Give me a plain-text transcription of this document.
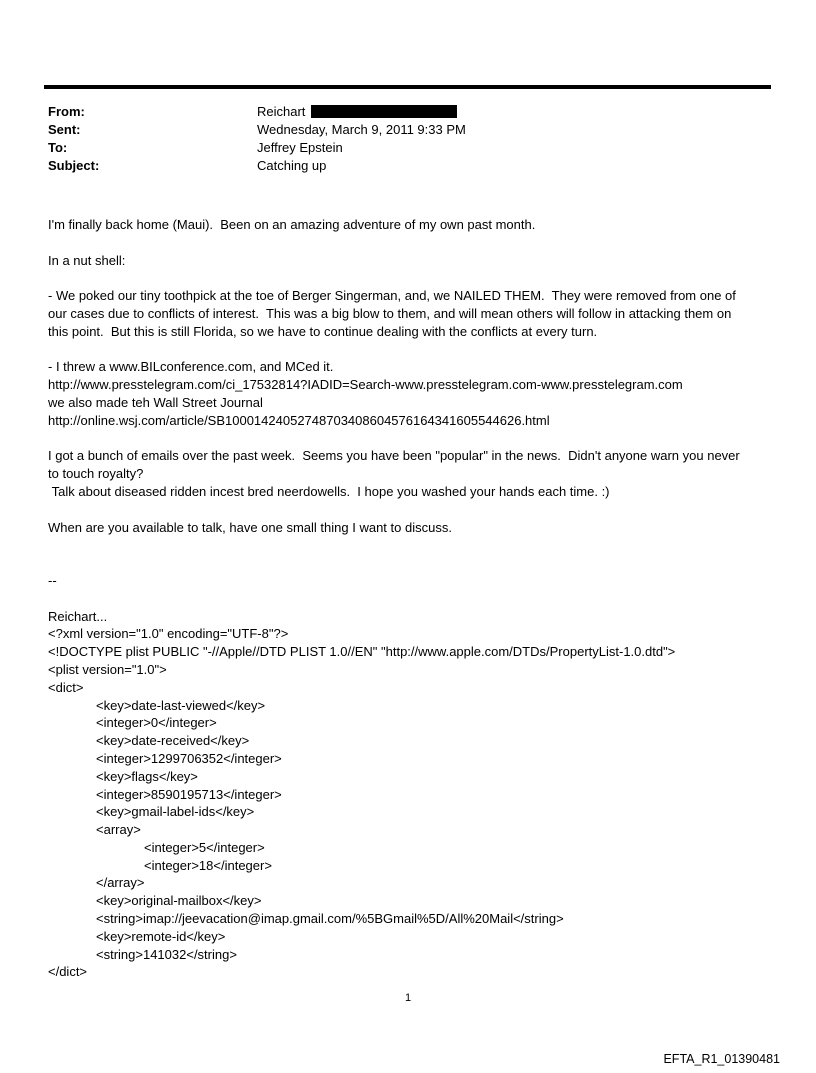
From:	Reichart
Sent:	Wednesday, March 9, 2011 9:33 PM
To:	Jeffrey Epstein
Subject:	Catching up
I'm finally back home (Maui).  Been on an amazing adventure of my own past month.
In a nut shell:
- We poked our tiny toothpick at the toe of Berger Singerman, and, we NAILED THEM.  They were removed from one of
our cases due to conflicts of interest.  This was a big blow to them, and will mean others will follow in attacking them on
this point.  But this is still Florida, so we have to continue dealing with the conflicts at every turn.
- I threw a www.BILconference.com, and MCed it.
http://www.presstelegram.com/ci_17532814?IADID=Search-www.presstelegram.com-www.presstelegram.com
we also made teh Wall Street Journal
http://online.wsj.com/article/SB10001424052748703408604576164341605544626.html
I got a bunch of emails over the past week.  Seems you have been "popular" in the news.  Didn't anyone warn you never
to touch royalty?
Talk about diseased ridden incest bred neerdowells.  I hope you washed your hands each time. :)
When are you available to talk, have one small thing I want to discuss.
--
Reichart...
<?xml version="1.0" encoding="UTF-8"?>
<!DOCTYPE plist PUBLIC "-//Apple//DTD PLIST 1.0//EN" "http://www.apple.com/DTDs/PropertyList-1.0.dtd">
<plist version="1.0">
<dict>
<key>date-last-viewed</key>
<integer>0</integer>
<key>date-received</key>
<integer>1299706352</integer>
<key>flags</key>
<integer>8590195713</integer>
<key>gmail-label-ids</key>
<array>
<integer>5</integer>
<integer>18</integer>
</array>
<key>original-mailbox</key>
<string>imap://jeevacation@imap.gmail.com/%5BGmail%5D/All%20Mail</string>
<key>remote-id</key>
<string>141032</string>
</dict>
1
EFTA_R1_01390481
